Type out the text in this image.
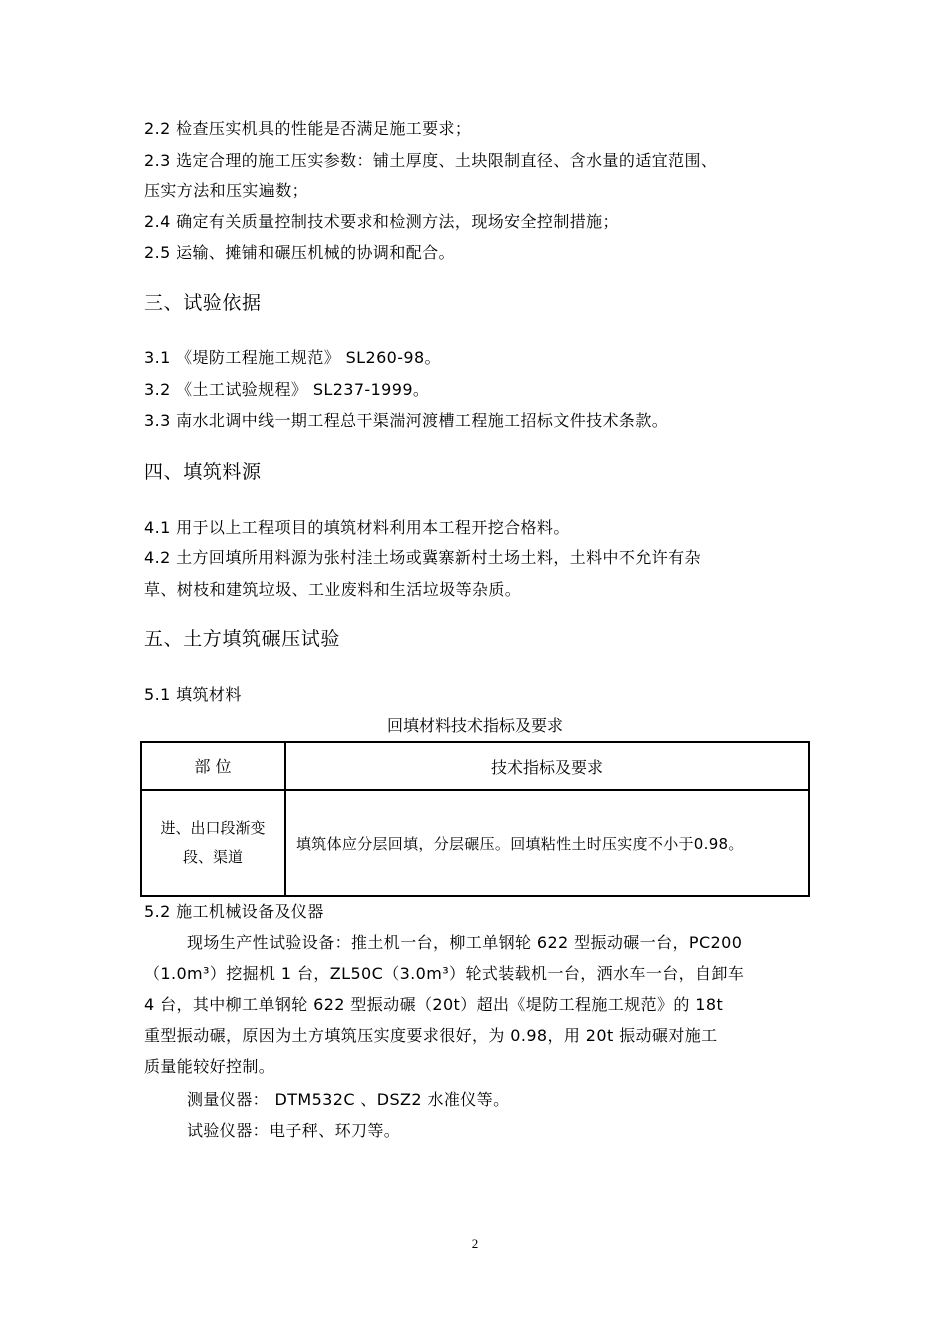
2.2 检查压实机具的性能是否满足施工要求；
2.3 选定合理的施工压实参数：铺土厚度、土块限制直径、含水量的适宜范围、
压实方法和压实遍数；
2.4 确定有关质量控制技术要求和检测方法，现场安全控制措施；
2.5 运输、摊铺和碾压机械的协调和配合。
三、试验依据
3.1 《堤防工程施工规范》 SL260-98。
3.2 《土工试验规程》 SL237-1999。
3.3 南水北调中线一期工程总干渠湍河渡槽工程施工招标文件技术条款。
四、填筑料源
4.1 用于以上工程项目的填筑材料利用本工程开挖合格料。
4.2 土方回填所用料源为张村洼土场或冀寨新村土场土料，土料中不允许有杂
草、树枝和建筑垃圾、工业废料和生活垃圾等杂质。
五、土方填筑碾压试验
5.1 填筑材料
回填材料技术指标及要求
部 位	技术指标及要求

进、出口段渐变
段、渠道	填筑体应分层回填，分层碾压。回填粘性土时压实度不小于0.98。
5.2 施工机械设备及仪器
现场生产性试验设备：推土机一台，柳工单钢轮 622 型振动碾一台，PC200
（1.0m³）挖掘机 1 台，ZL50C（3.0m³）轮式装载机一台，洒水车一台，自卸车
4 台，其中柳工单钢轮 622 型振动碾（20t）超出《堤防工程施工规范》的 18t
重型振动碾，原因为土方填筑压实度要求很好，为 0.98，用 20t 振动碾对施工
质量能较好控制。
测量仪器： DTM532C 、DSZ2 水准仪等。
试验仪器：电子秤、环刀等。
2
